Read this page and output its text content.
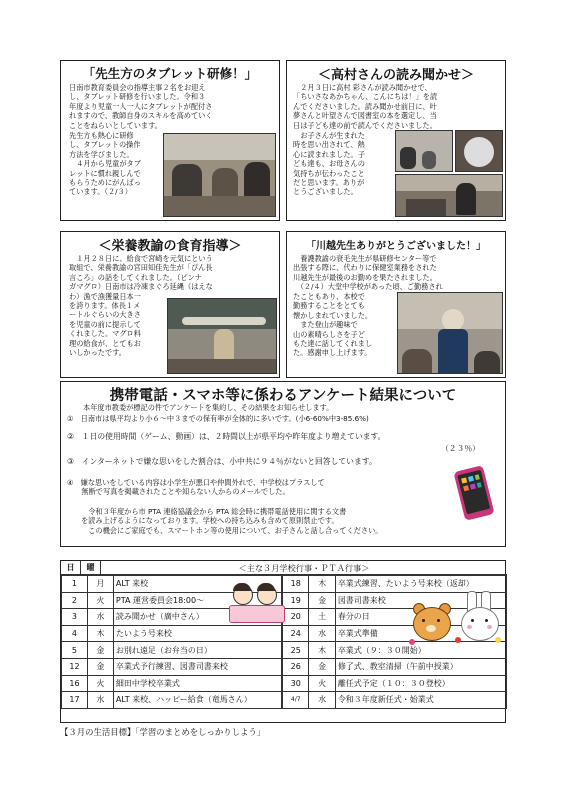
「先生方のタブレット研修！」
日南市教育委員会の指導主事２名をお迎え
し、タブレット研修を行いました。令和３
年度より児童一人一人にタブレットが配付さ
れますので、教師自身のスキルを高めていく
ことをねらいとしています。
先生方も熱心に研修
し、タブレットの操作
方法を学びました。
　４月から児童がタブ
レットに慣れ親しんで
もらうためにがんばっ
ています。（２/３）
＜高村さんの読み聞かせ＞
　２月３日に高村 彩さんが読み聞かせで、
「ちいさなあかちゃん、こんにちは！」を読
んでくださいました。読み聞かせ前日に、叶
夢さんと叶望さんで図書室の本を選定し、当
日は子ども達の前で読んでくださいました。
　お子さんが生まれた
時を思い出されて、熱
心に読まれました。子
ども達も、お母さんの
気持ちが伝わったこと
だと思います。ありが
とうございました。
＜栄養教諭の食育指導＞
　１月２８日に、給食で宮崎を元気にという
取組で、栄養教諭の宮田知佳先生が「ぴん長
言ころ」の話をしてくれました。（ピンナ
ガマグロ）日南市は冷凍まぐろ延縄（はえな
わ）漁で漁獲量日本一
を誇ります。体長１メ
ートルぐらいの大きさ
を児童の前に提示して
くれました。マグロ料
理の給食が、とてもお
いしかったです。
「川越先生ありがとうございました！」
　養護教諭の衰毛先生が県研修センター等で
出張する際に、代わりに保健室業務をされた
川越先生が最後のお勤めを果たされました。
　（２/４）大堂中学校があった頃、ご勤務され
たこともあり、本校で
勤務することをとても
懐かしまれていました。
　また登山が趣味で
山の素晴らしさを子ど
もた達に話してくれまし
た。感謝申し上げます。
携帯電話・スマホ等に係わるアンケート結果について
本年度市教委が標記の件でアンケートを集約し、その結果をお知らせします。
①　日南市は県平均より小６～中３までの保有率が全体的に多いです。(小6-60%中3-85.6%)
②　１日の使用時間（ゲーム、動画）は、２時間以上が県平均や昨年度より増えています。
（２３％）
③　インターネットで嫌な思いをした割合は、小中共に９４％がないと回答しています。
④　嫌な思いをしている内容は小学生が悪口や仲間外れで、中学校はプラスして
　　無断で写真を掲載されたことや知らない人からのメールでした。
　令和３年度から市 PTA 連絡協議会から PTA 総会時に携帯電話使用に関する文書
を読み上げるようになっております。学校への持ち込みも含めて原則禁止です。
　この機会にご家庭でも、スマートホン等の使用について、お子さんと話し合ってください。
日	曜	＜主な３月学校行事・ＰＴＡ行事＞
1	月	ALT 来校
2	火	PTA 運営委員会18:00～
3	水	読み聞かせ（廣中さん）
4	木	たいよう号来校
5	金	お別れ遠足（お弁当の日）
12	金	卒業式予行練習、図書司書来校
16	火	細田中学校卒業式
17	水	ALT 来校、ハッピー給食（竜馬さん）
18	木	卒業式練習、たいよう号来校（返却）
19	金	図書司書来校
20	土	春分の日
24	水	卒業式準備
25	木	卒業式（９：３０開始）
26	金	修了式、教室清掃（午前中授業）
30	火	離任式予定（１０：３０登校）
4/7	水	令和３年度新任式・始業式
【３月の生活目標】「学習のまとめをしっかりしよう」
